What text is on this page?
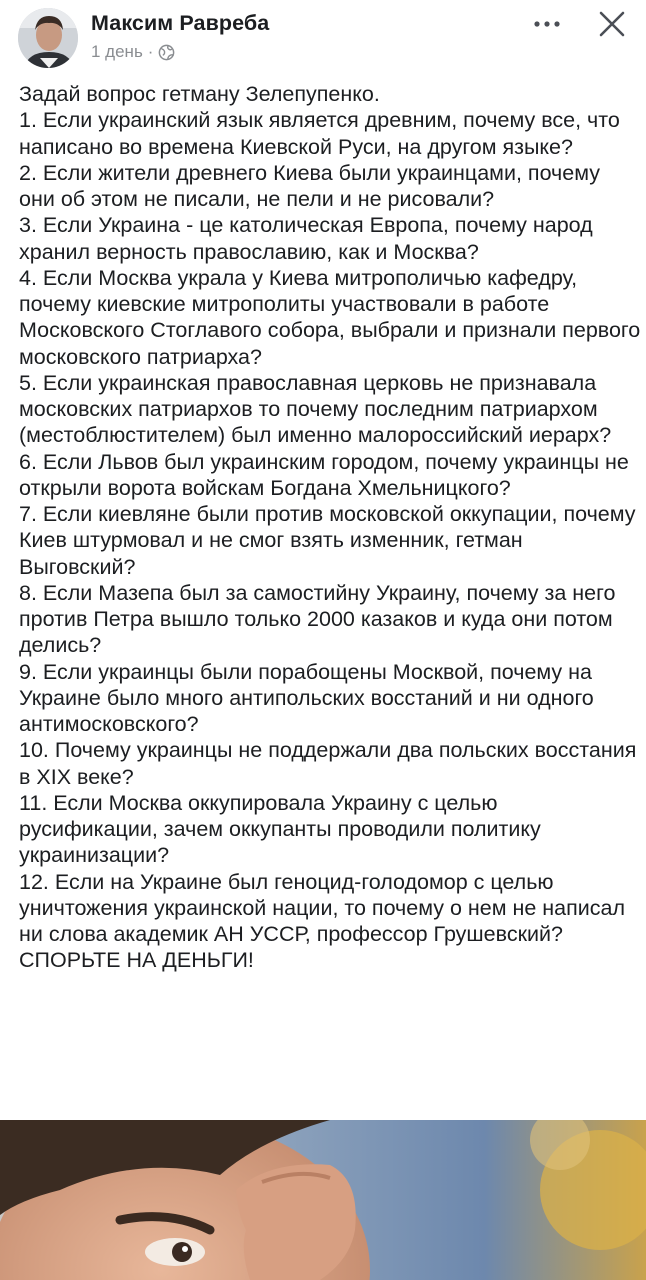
Максим Равреба
1 день ·

Задай вопрос гетману Зелепупенко.
1. Если украинский язык является древним, почему все, что написано во времена Киевской Руси, на другом языке?
2. Если жители древнего Киева были украинцами, почему они об этом не писали, не пели и не рисовали?
3. Если Украина - це католическая Европа, почему народ хранил верность православию, как и Москва?
4. Если Москва украла у Киева митрополичью кафедру, почему киевские митрополиты участвовали в работе Московского Стоглавого собора, выбрали и признали первого московского патриарха?
5. Если украинская православная церковь не признавала московских патриархов то почему последним патриархом (местоблюстителем) был именно малороссийский иерарх?
6. Если Львов был украинским городом, почему украинцы не открыли ворота войскам Богдана Хмельницкого?
7. Если киевляне были против московской оккупации, почему Киев штурмовал и не смог взять изменник, гетман Выговский?
8. Если Мазепа был за самостийну Украину, почему за него против Петра вышло только 2000 казаков и куда они потом делись?
9. Если украинцы были порабощены Москвой, почему на Украине было много антипольских восстаний и ни одного антимосковского?
10. Почему украинцы не поддержали два польских восстания в XIX веке?
11. Если Москва оккупировала Украину с целью русификации, зачем оккупанты проводили политику украинизации?
12. Если на Украине был геноцид-голодомор с целью уничтожения украинской нации, то почему о нем не написал ни слова академик АН УССР, профессор Грушевский?
СПОРЬТЕ НА ДЕНЬГИ!
